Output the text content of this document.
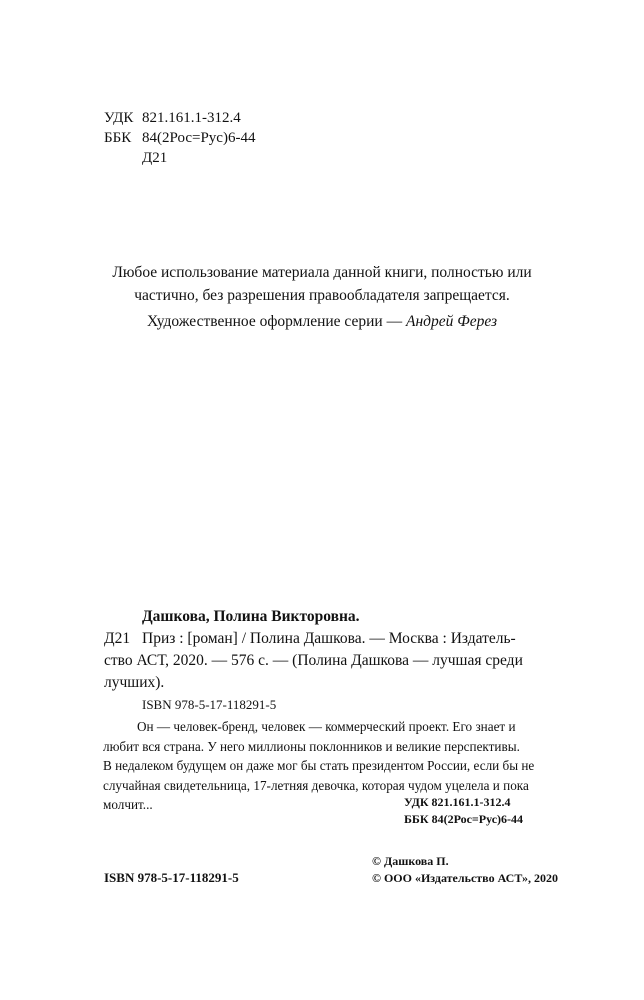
УДК 821.161.1-312.4
ББК 84(2Рос=Рус)6-44
Д21
Любое использование материала данной книги, полностью или
частично, без разрешения правообладателя запрещается.
Художественное оформление серии — Андрей Ферез
Дашкова, Полина Викторовна.
Д21 Приз : [роман] / Полина Дашкова. — Москва : Издатель-
ство АСТ, 2020. — 576 с. — (Полина Дашкова — лучшая среди
лучших).
ISBN 978-5-17-118291-5
Он — человек-бренд, человек — коммерческий проект. Его знает и
любит вся страна. У него миллионы поклонников и великие перспективы.
В недалеком будущем он даже мог бы стать президентом России, если бы не
случайная свидетельница, 17-летняя девочка, которая чудом уцелела и пока
молчит...	УДК 821.161.1-312.4
ББК 84(2Рос=Рус)6-44
ISBN 978-5-17-118291-5
© Дашкова П.
© ООО «Издательство АСТ», 2020
